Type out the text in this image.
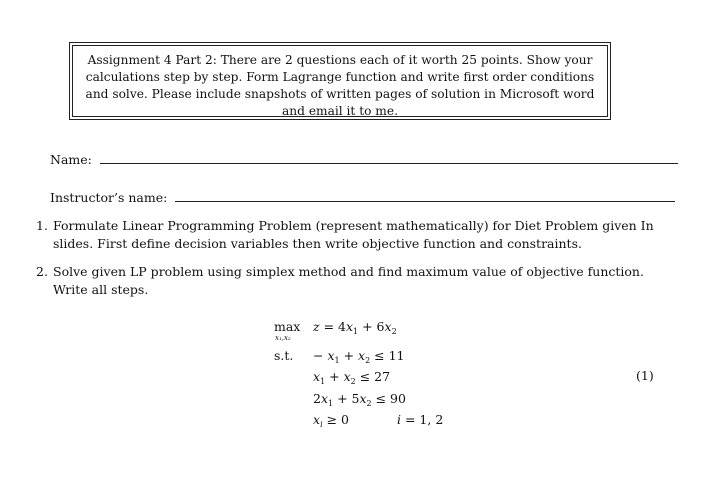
Assignment 4 Part 2: There are 2 questions each of it worth 25 points. Show your calculations step by step. Form Lagrange function and write first order conditions and solve. Please include snapshots of written pages of solution in Microsoft word and email it to me.
Name:
Instructor’s name:
1. Formulate Linear Programming Problem (represent mathematically) for Diet Problem given In slides. First define decision variables then write objective function and constraints.
2. Solve given LP problem using simplex method and find maximum value of objective function. Write all steps.
max
x₁,x₂
$z = 4x_1 + 6x_2$
s.t. − $x_1 + x_2 \le 11$
$x_1 + x_2 \le 27$
$2x_1 + 5x_2 \le 90$
$x_i \ge 0$	i = 1, 2
(1)
